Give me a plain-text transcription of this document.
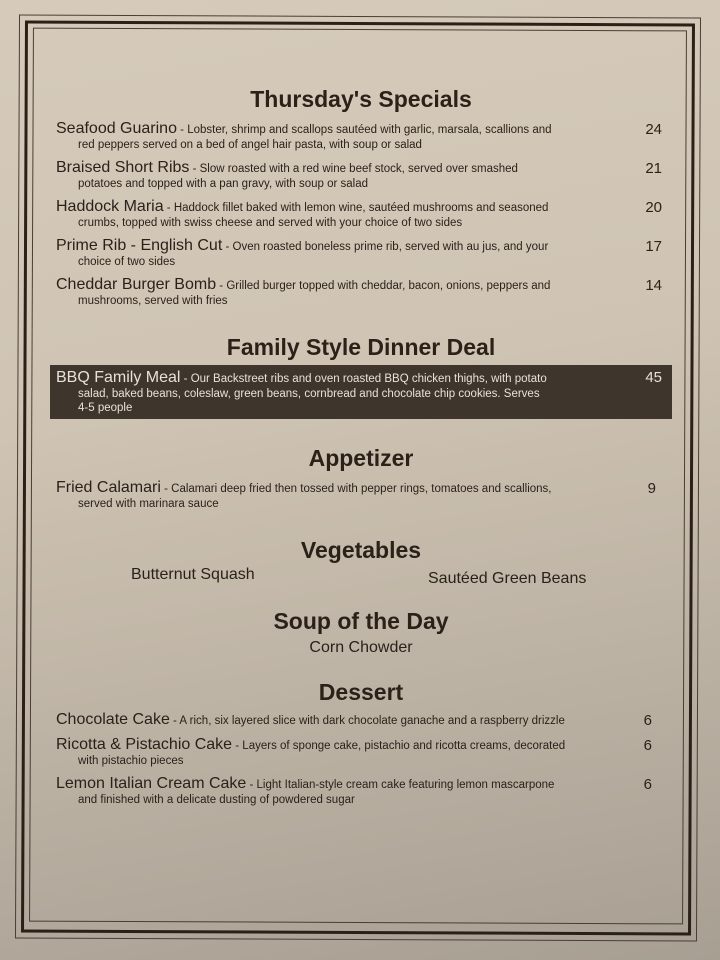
Thursday's Specials
Seafood Guarino - Lobster, shrimp and scallops sautéed with garlic, marsala, scallions and
red peppers served on a bed of angel hair pasta, with soup or salad
24
Braised Short Ribs - Slow roasted with a red wine beef stock, served over smashed
potatoes and topped with a pan gravy, with soup or salad
21
Haddock Maria - Haddock fillet baked with lemon wine, sautéed mushrooms and seasoned
crumbs, topped with swiss cheese and served with your choice of two sides
20
Prime Rib - English Cut - Oven roasted boneless prime rib, served with au jus, and your
choice of two sides
17
Cheddar Burger Bomb - Grilled burger topped with cheddar, bacon, onions, peppers and
mushrooms, served with fries
14
Family Style Dinner Deal
BBQ Family Meal - Our Backstreet ribs and oven roasted BBQ chicken thighs, with potato
salad, baked beans, coleslaw, green beans, cornbread and chocolate chip cookies. Serves
4-5 people
45
Appetizer
Fried Calamari - Calamari deep fried then tossed with pepper rings, tomatoes and scallions,
served with marinara sauce
9
Vegetables
Butternut Squash	Sautéed Green Beans
Soup of the Day
Corn Chowder
Dessert
Chocolate Cake - A rich, six layered slice with dark chocolate ganache and a raspberry drizzle	6
Ricotta & Pistachio Cake - Layers of sponge cake, pistachio and ricotta creams, decorated
with pistachio pieces
6
Lemon Italian Cream Cake - Light Italian-style cream cake featuring lemon mascarpone
and finished with a delicate dusting of powdered sugar
6
